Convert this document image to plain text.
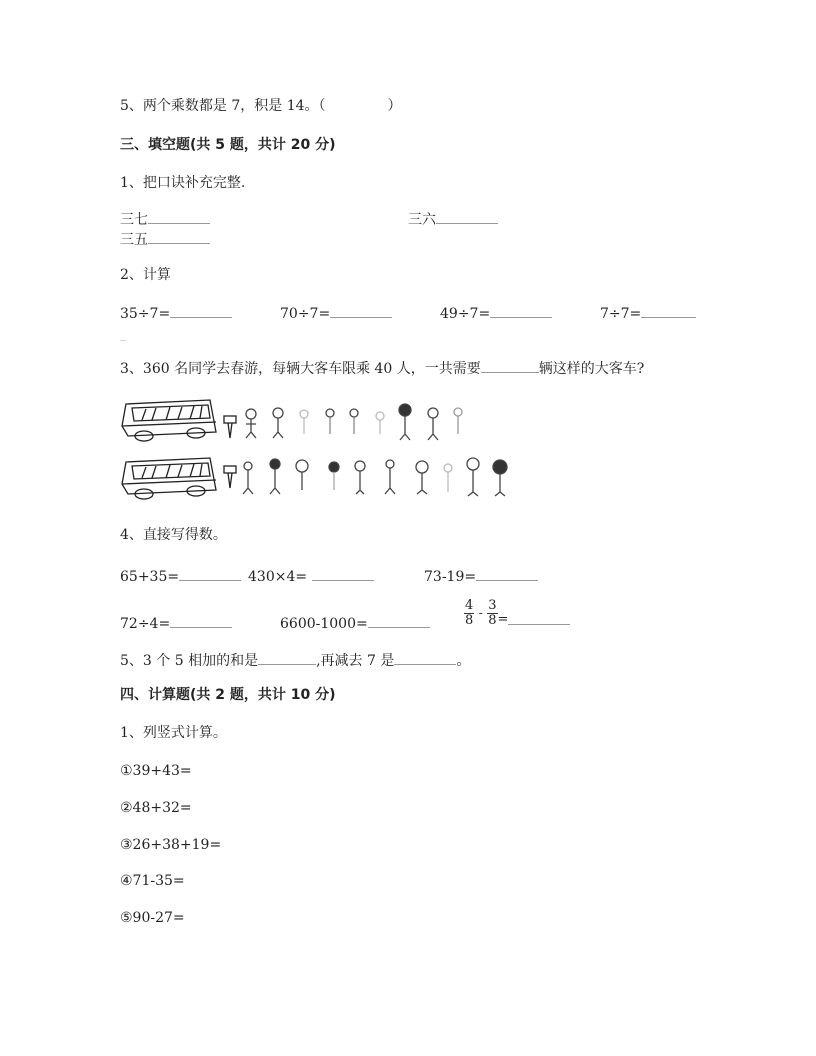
5、两个乘数都是 7，积是 14。（	）
三、填空题(共 5 题，共计 20 分)
1、把口诀补充完整.
三七	三六
三五
2、计算
35÷7=	70÷7=	49÷7=	7÷7=
_
3、360 名同学去春游，每辆大客车限乘 40 人，一共需要	辆这样的大客车?
4、直接写得数。
65+35=	430×4=	73-19=
72÷4=	6600-1000=	$\frac{4}{8} - \frac{3}{8}$ =
5、3 个 5 相加的和是	,再减去 7 是	。
四、计算题(共 2 题，共计 10 分)
1、列竖式计算。
①39+43=
②48+32=
③26+38+19=
④71-35=
⑤90-27=
